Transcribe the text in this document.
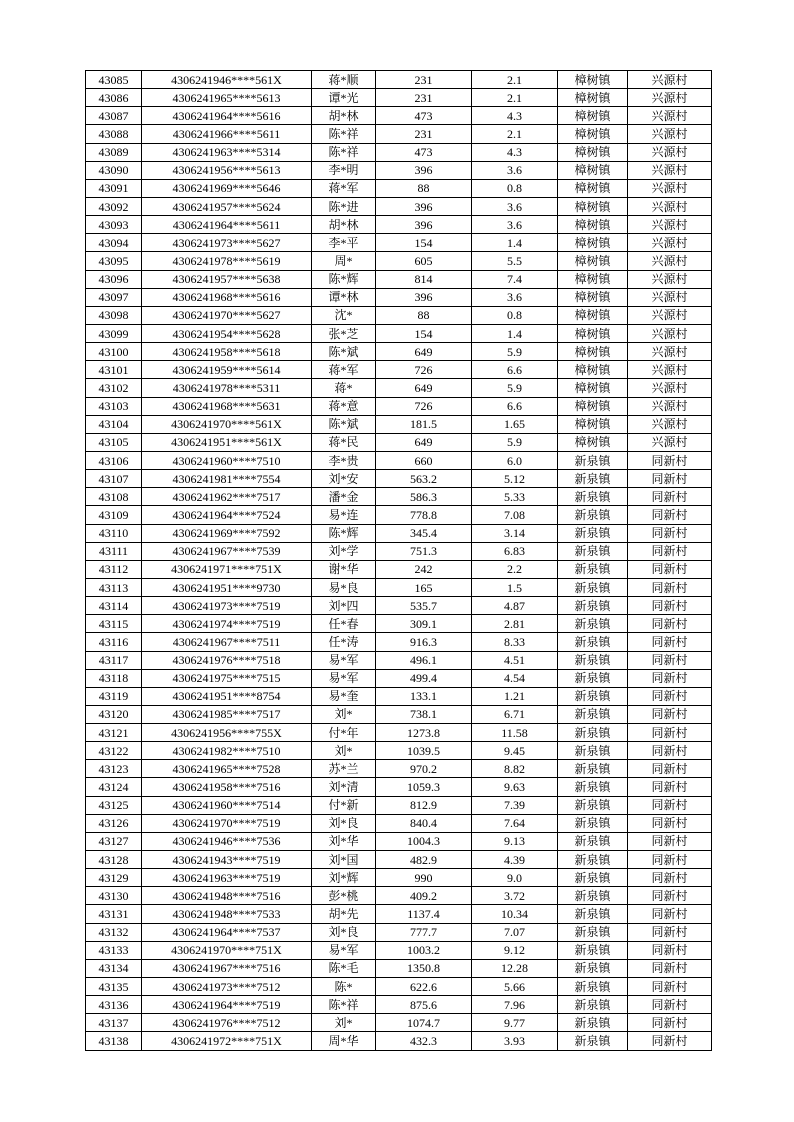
43085	4306241946****561X	蒋*顺	231	2.1	樟树镇	兴源村
43086	4306241965****5613	谭*光	231	2.1	樟树镇	兴源村
43087	4306241964****5616	胡*林	473	4.3	樟树镇	兴源村
43088	4306241966****5611	陈*祥	231	2.1	樟树镇	兴源村
43089	4306241963****5314	陈*祥	473	4.3	樟树镇	兴源村
43090	4306241956****5613	李*明	396	3.6	樟树镇	兴源村
43091	4306241969****5646	蒋*军	88	0.8	樟树镇	兴源村
43092	4306241957****5624	陈*进	396	3.6	樟树镇	兴源村
43093	4306241964****5611	胡*林	396	3.6	樟树镇	兴源村
43094	4306241973****5627	李*平	154	1.4	樟树镇	兴源村
43095	4306241978****5619	周*	605	5.5	樟树镇	兴源村
43096	4306241957****5638	陈*辉	814	7.4	樟树镇	兴源村
43097	4306241968****5616	谭*林	396	3.6	樟树镇	兴源村
43098	4306241970****5627	沈*	88	0.8	樟树镇	兴源村
43099	4306241954****5628	张*芝	154	1.4	樟树镇	兴源村
43100	4306241958****5618	陈*斌	649	5.9	樟树镇	兴源村
43101	4306241959****5614	蒋*军	726	6.6	樟树镇	兴源村
43102	4306241978****5311	蒋*	649	5.9	樟树镇	兴源村
43103	4306241968****5631	蒋*意	726	6.6	樟树镇	兴源村
43104	4306241970****561X	陈*斌	181.5	1.65	樟树镇	兴源村
43105	4306241951****561X	蒋*民	649	5.9	樟树镇	兴源村
43106	4306241960****7510	李*贵	660	6.0	新泉镇	同新村
43107	4306241981****7554	刘*安	563.2	5.12	新泉镇	同新村
43108	4306241962****7517	潘*金	586.3	5.33	新泉镇	同新村
43109	4306241964****7524	易*连	778.8	7.08	新泉镇	同新村
43110	4306241969****7592	陈*辉	345.4	3.14	新泉镇	同新村
43111	4306241967****7539	刘*学	751.3	6.83	新泉镇	同新村
43112	4306241971****751X	谢*华	242	2.2	新泉镇	同新村
43113	4306241951****9730	易*良	165	1.5	新泉镇	同新村
43114	4306241973****7519	刘*四	535.7	4.87	新泉镇	同新村
43115	4306241974****7519	任*春	309.1	2.81	新泉镇	同新村
43116	4306241967****7511	任*涛	916.3	8.33	新泉镇	同新村
43117	4306241976****7518	易*军	496.1	4.51	新泉镇	同新村
43118	4306241975****7515	易*军	499.4	4.54	新泉镇	同新村
43119	4306241951****8754	易*奎	133.1	1.21	新泉镇	同新村
43120	4306241985****7517	刘*	738.1	6.71	新泉镇	同新村
43121	4306241956****755X	付*年	1273.8	11.58	新泉镇	同新村
43122	4306241982****7510	刘*	1039.5	9.45	新泉镇	同新村
43123	4306241965****7528	苏*兰	970.2	8.82	新泉镇	同新村
43124	4306241958****7516	刘*清	1059.3	9.63	新泉镇	同新村
43125	4306241960****7514	付*新	812.9	7.39	新泉镇	同新村
43126	4306241970****7519	刘*良	840.4	7.64	新泉镇	同新村
43127	4306241946****7536	刘*华	1004.3	9.13	新泉镇	同新村
43128	4306241943****7519	刘*国	482.9	4.39	新泉镇	同新村
43129	4306241963****7519	刘*辉	990	9.0	新泉镇	同新村
43130	4306241948****7516	彭*桃	409.2	3.72	新泉镇	同新村
43131	4306241948****7533	胡*先	1137.4	10.34	新泉镇	同新村
43132	4306241964****7537	刘*良	777.7	7.07	新泉镇	同新村
43133	4306241970****751X	易*军	1003.2	9.12	新泉镇	同新村
43134	4306241967****7516	陈*毛	1350.8	12.28	新泉镇	同新村
43135	4306241973****7512	陈*	622.6	5.66	新泉镇	同新村
43136	4306241964****7519	陈*祥	875.6	7.96	新泉镇	同新村
43137	4306241976****7512	刘*	1074.7	9.77	新泉镇	同新村
43138	4306241972****751X	周*华	432.3	3.93	新泉镇	同新村
